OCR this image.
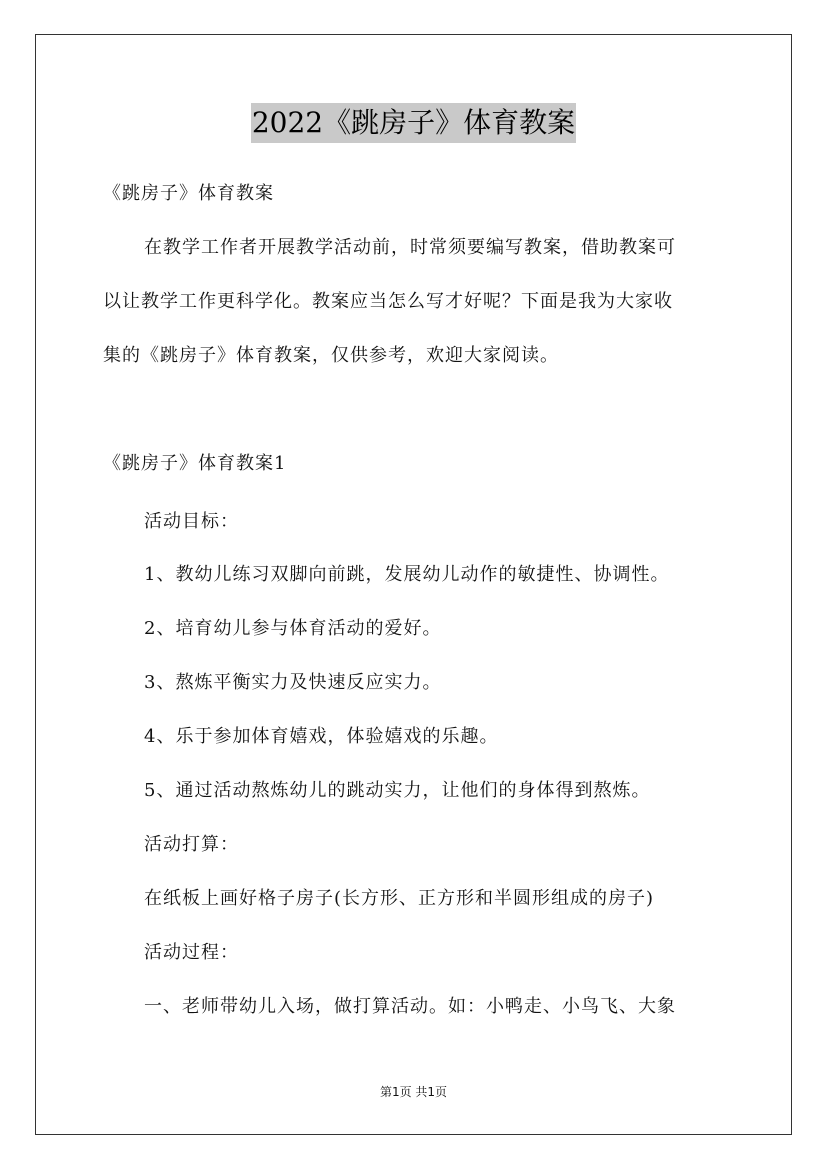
2022《跳房子》体育教案
《跳房子》体育教案
在教学工作者开展教学活动前，时常须要编写教案，借助教案可
以让教学工作更科学化。教案应当怎么写才好呢？下面是我为大家收
集的《跳房子》体育教案，仅供参考，欢迎大家阅读。
《跳房子》体育教案1
活动目标：
1、教幼儿练习双脚向前跳，发展幼儿动作的敏捷性、协调性。
2、培育幼儿参与体育活动的爱好。
3、熬炼平衡实力及快速反应实力。
4、乐于参加体育嬉戏，体验嬉戏的乐趣。
5、通过活动熬炼幼儿的跳动实力，让他们的身体得到熬炼。
活动打算：
在纸板上画好格子房子(长方形、正方形和半圆形组成的房子)
活动过程：
一、老师带幼儿入场，做打算活动。如：小鸭走、小鸟飞、大象
第1页 共1页
